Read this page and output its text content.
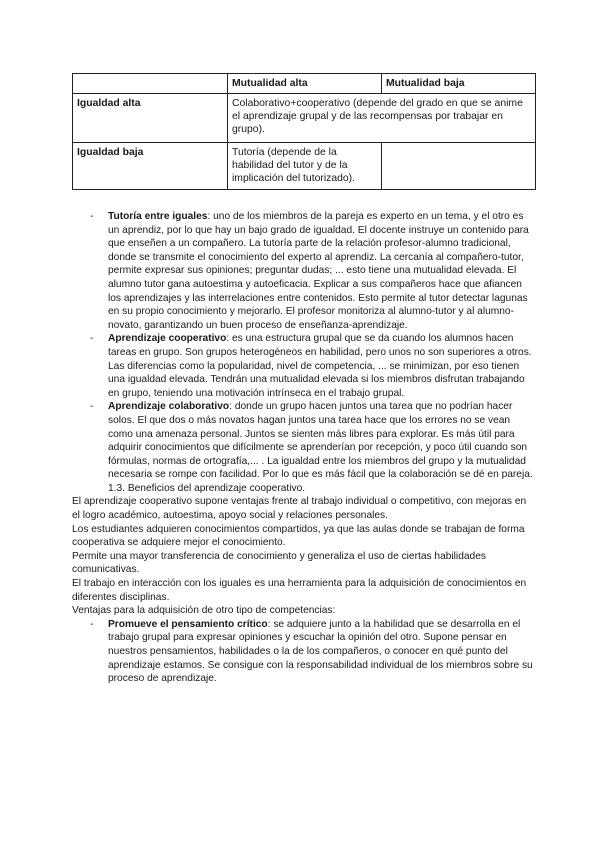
	Mutualidad alta	Mutualidad baja
Igualdad alta	Colaborativo+cooperativo (depende del grado en que se anime el aprendizaje grupal y de las recompensas por trabajar en grupo).	
Igualdad baja	Tutoría (depende de la habilidad del tutor y de la implicación del tutorizado).	

- Tutoría entre iguales: uno de los miembros de la pareja es experto en un tema, y el otro es un aprendiz, por lo que hay un bajo grado de igualdad. El docente instruye un contenido para que enseñen a un compañero. La tutoría parte de la relación profesor-alumno tradicional, donde se transmite el conocimiento del experto al aprendiz. La cercanía al compañero-tutor, permite expresar sus opiniones; preguntar dudas; ... esto tiene una mutualidad elevada. El alumno tutor gana autoestima y autoeficacia. Explicar a sus compañeros hace que afiancen los aprendizajes y las interrelaciones entre contenidos. Esto permite al tutor detectar lagunas en su propio conocimiento y mejorarlo. El profesor monitoriza al alumno-tutor y al alumno-novato, garantizando un buen proceso de enseñanza-aprendizaje.

- Aprendizaje cooperativo: es una estructura grupal que se da cuando los alumnos hacen tareas en grupo. Son grupos heterogéneos en habilidad, pero unos no son superiores a otros. Las diferencias como la popularidad, nivel de competencia, ... se minimizan, por eso tienen una igualdad elevada. Tendrán una mutualidad elevada si los miembros disfrutan trabajando en grupo, teniendo una motivación intrínseca en el trabajo grupal.

- Aprendizaje colaborativo: donde un grupo hacen juntos una tarea que no podrían hacer solos. El que dos o más novatos hagan juntos una tarea hace que los errores no se vean como una amenaza personal. Juntos se sienten más libres para explorar. Es más útil para adquirir conocimientos que difícilmente se aprenderían por recepción, y poco útil cuando son fórmulas, normas de ortografía,... . La igualdad entre los miembros del grupo y la mutualidad necesaria se rompe con facilidad. Por lo que es más fácil que la colaboración se dé en pareja.

1.3. Beneficios del aprendizaje cooperativo.

El aprendizaje cooperativo supone ventajas frente al trabajo individual o competitivo, con mejoras en el logro académico, autoestima, apoyo social y relaciones personales.

Los estudiantes adquieren conocimientos compartidos, ya que las aulas donde se trabajan de forma cooperativa se adquiere mejor el conocimiento.

Permite una mayor transferencia de conocimiento y generaliza el uso de ciertas habilidades comunicativas.

El trabajo en interacción con los iguales es una herramienta para la adquisición de conocimientos en diferentes disciplinas.

Ventajas para la adquisición de otro tipo de competencias:

- Promueve el pensamiento crítico: se adquiere junto a la habilidad que se desarrolla en el trabajo grupal para expresar opiniones y escuchar la opinión del otro. Supone pensar en nuestros pensamientos, habilidades o la de los compañeros, o conocer en qué punto del aprendizaje estamos. Se consigue con la responsabilidad individual de los miembros sobre su proceso de aprendizaje.
